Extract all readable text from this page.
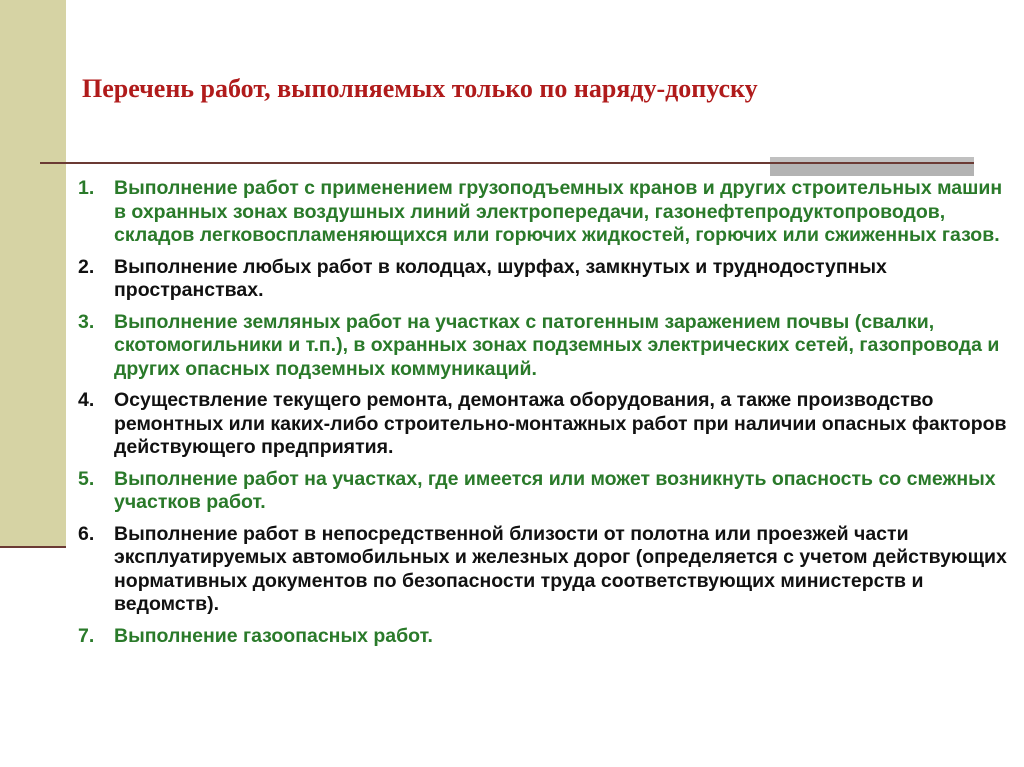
Перечень работ, выполняемых только по наряду-допуску
1.	Выполнение работ с применением грузоподъемных кранов и других строительных машин в охранных зонах воздушных линий электропередачи, газонефтепродуктопроводов, складов легковоспламеняющихся или горючих жидкостей, горючих или сжиженных газов.
2.	Выполнение любых работ в колодцах, шурфах, замкнутых и труднодоступных пространствах.
3.	Выполнение земляных работ на участках с патогенным заражением почвы (свалки, скотомогильники и т.п.), в охранных зонах подземных электрических сетей, газопровода и других опасных подземных коммуникаций.
4.	Осуществление текущего ремонта, демонтажа оборудования, а также производство ремонтных или каких-либо строительно-монтажных работ при наличии опасных факторов действующего предприятия.
5.	Выполнение работ на участках, где имеется или может возникнуть опасность со смежных участков работ.
6.	Выполнение работ в непосредственной близости от полотна или проезжей части эксплуатируемых автомобильных и железных дорог (определяется с учетом действующих нормативных документов по безопасности труда соответствующих министерств и ведомств).
7.	Выполнение газоопасных работ.
